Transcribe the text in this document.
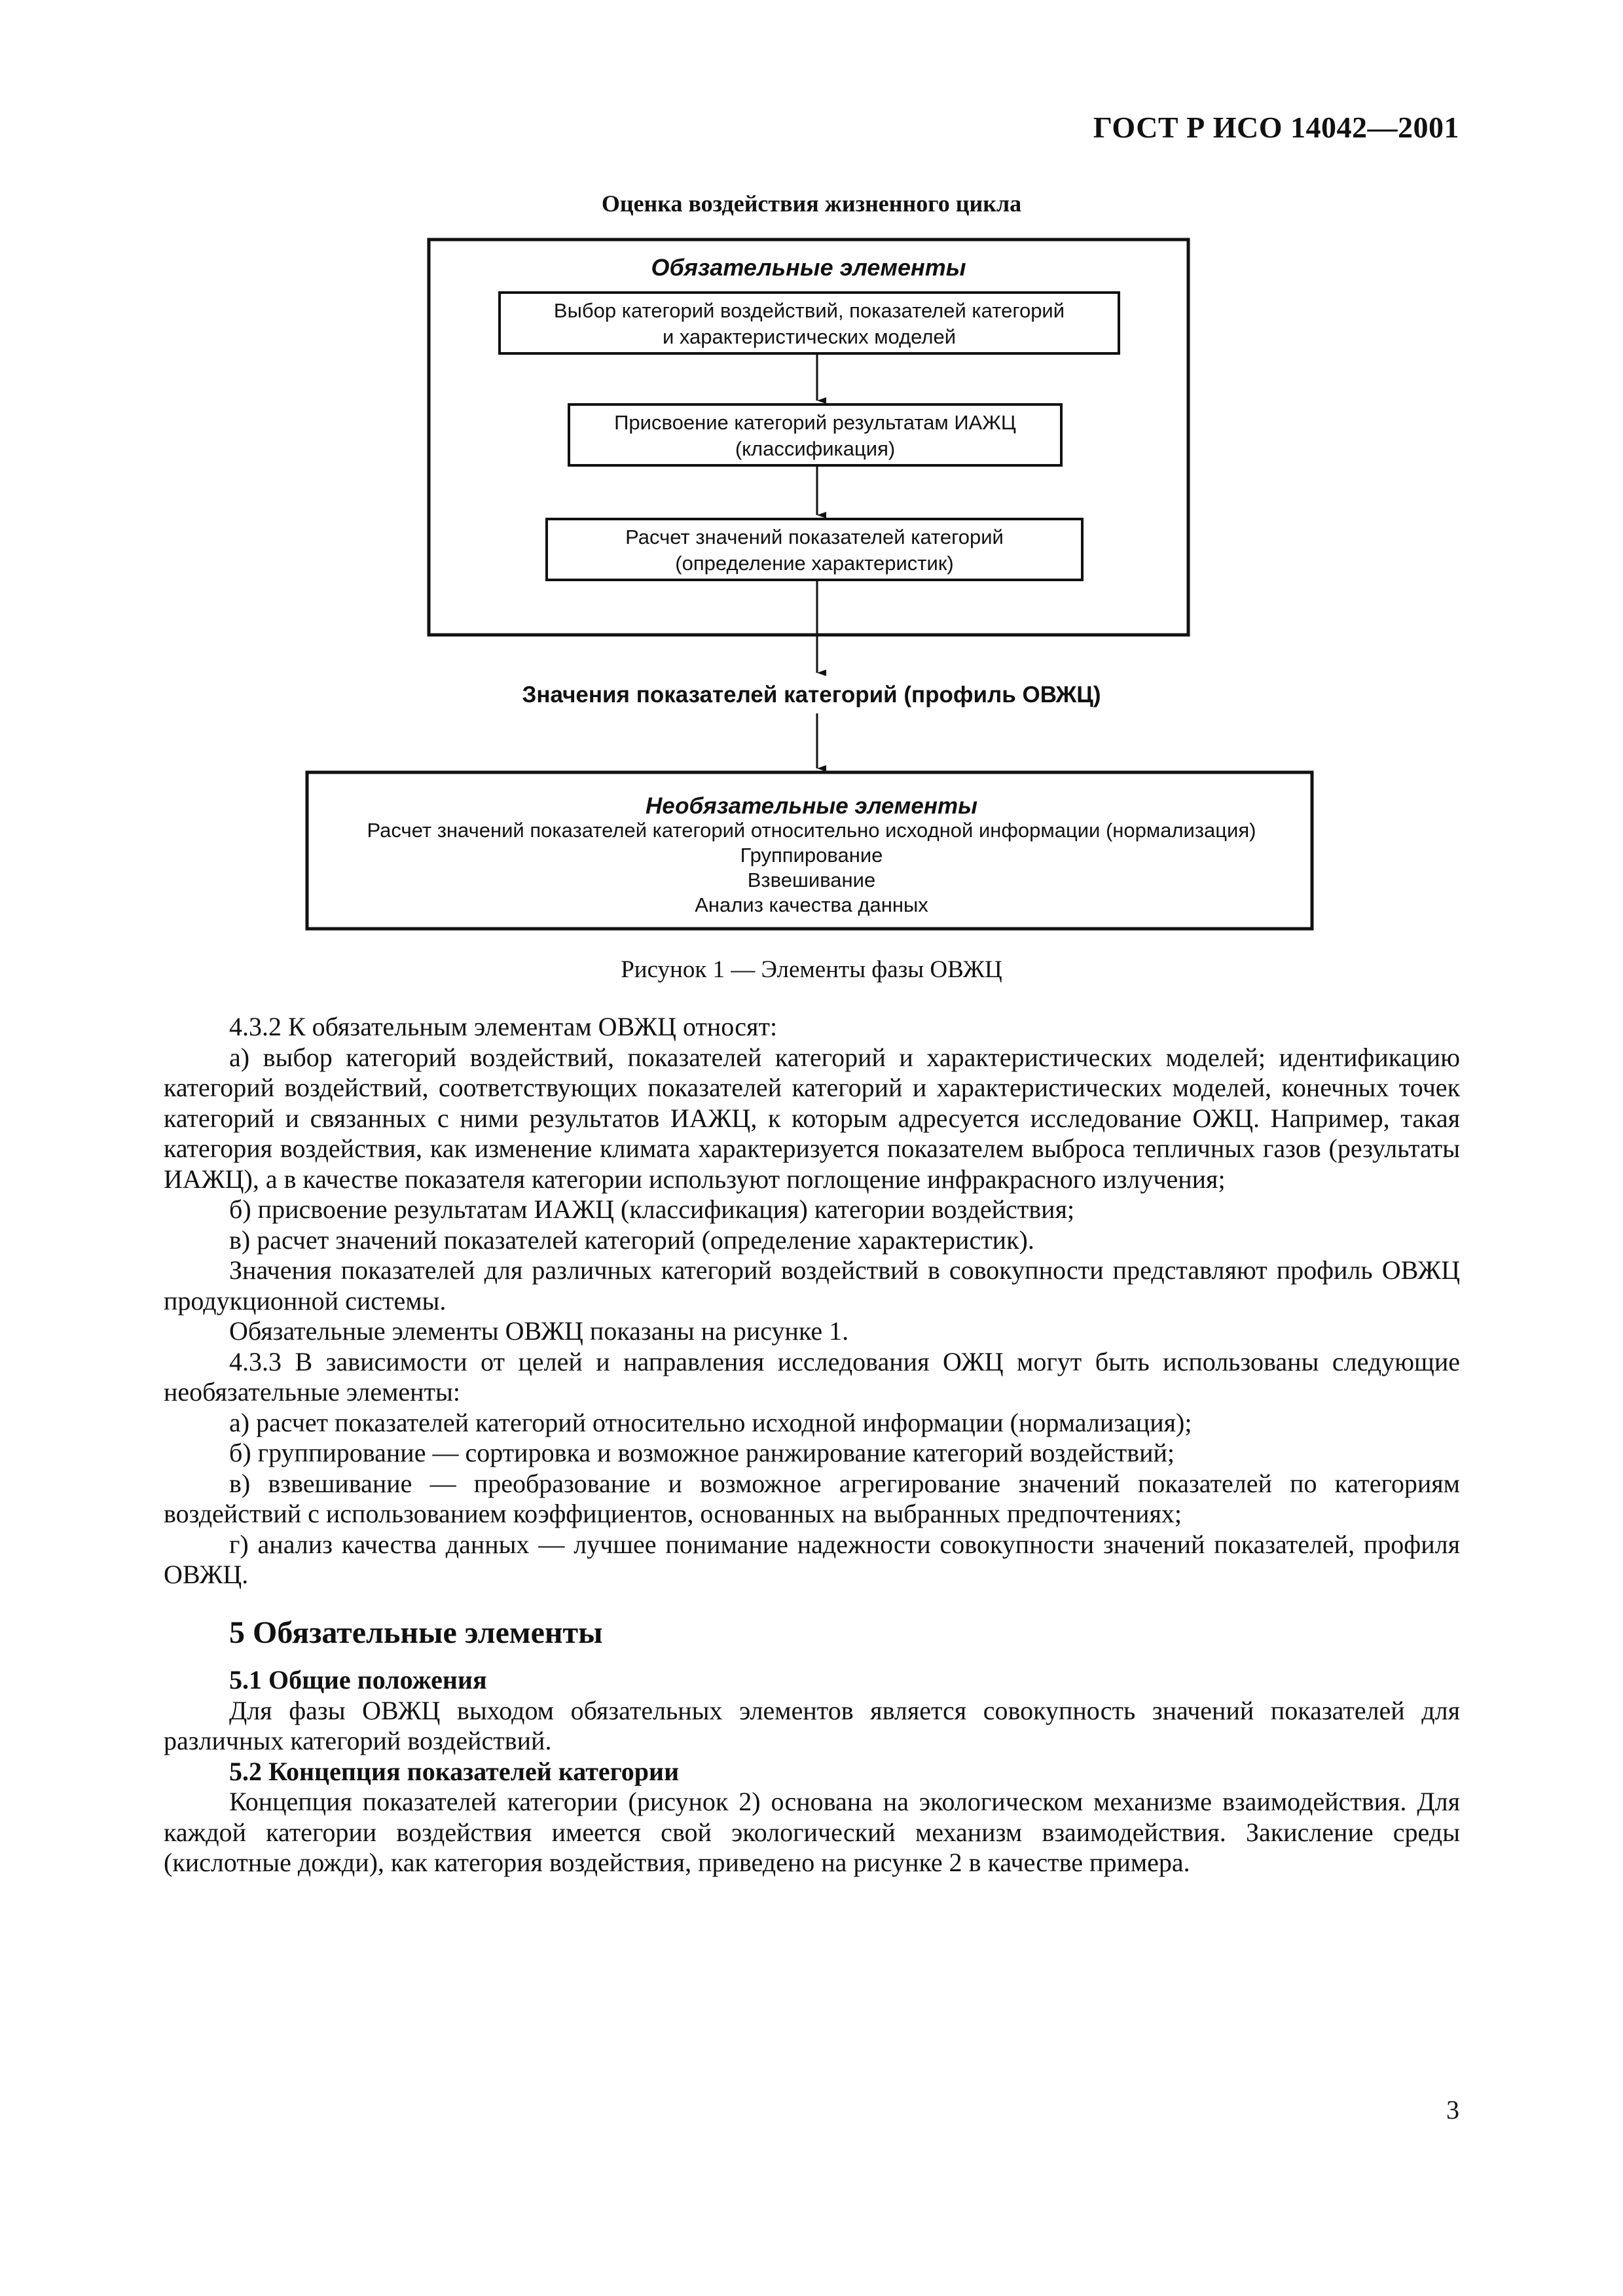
ГОСТ Р ИСО 14042—2001
Оценка воздействия жизненного цикла
Обязательные элементы
Выбор категорий воздействий, показателей категорий
и характеристических моделей
Присвоение категорий результатам ИАЖЦ
(классификация)
Расчет значений показателей категорий
(определение характеристик)
Значения показателей категорий (профиль ОВЖЦ)
Необязательные элементы
Расчет значений показателей категорий относительно исходной информации (нормализация)
Группирование
Взвешивание
Анализ качества данных
Рисунок 1 — Элементы фазы ОВЖЦ

4.3.2 К обязательным элементам ОВЖЦ относят:

а) выбор категорий воздействий, показателей категорий и характеристических моделей; идентификацию категорий воздействий, соответствующих показателей категорий и характеристических моделей, конечных точек категорий и связанных с ними результатов ИАЖЦ, к которым адресуется исследование ОЖЦ. Например, такая категория воздействия, как изменение климата характеризуется показателем выброса тепличных газов (результаты ИАЖЦ), а в качестве показателя категории используют поглощение инфракрасного излучения;

б) присвоение результатам ИАЖЦ (классификация) категории воздействия;

в) расчет значений показателей категорий (определение характеристик).

Значения показателей для различных категорий воздействий в совокупности представляют профиль ОВЖЦ продукционной системы.

Обязательные элементы ОВЖЦ показаны на рисунке 1.

4.3.3 В зависимости от целей и направления исследования ОЖЦ могут быть использованы следующие необязательные элементы:

а) расчет показателей категорий относительно исходной информации (нормализация);

б) группирование — сортировка и возможное ранжирование категорий воздействий;

в) взвешивание — преобразование и возможное агрегирование значений показателей по категориям воздействий с использованием коэффициентов, основанных на выбранных предпочтениях;

г) анализ качества данных — лучшее понимание надежности совокупности значений показателей, профиля ОВЖЦ.

5 Обязательные элементы

5.1 Общие положения

Для фазы ОВЖЦ выходом обязательных элементов является совокупность значений показателей для различных категорий воздействий.

5.2 Концепция показателей категории

Концепция показателей категории (рисунок 2) основана на экологическом механизме взаимодействия. Для каждой категории воздействия имеется свой экологический механизм взаимодействия. Закисление среды (кислотные дожди), как категория воздействия, приведено на рисунке 2 в качестве примера.

3
